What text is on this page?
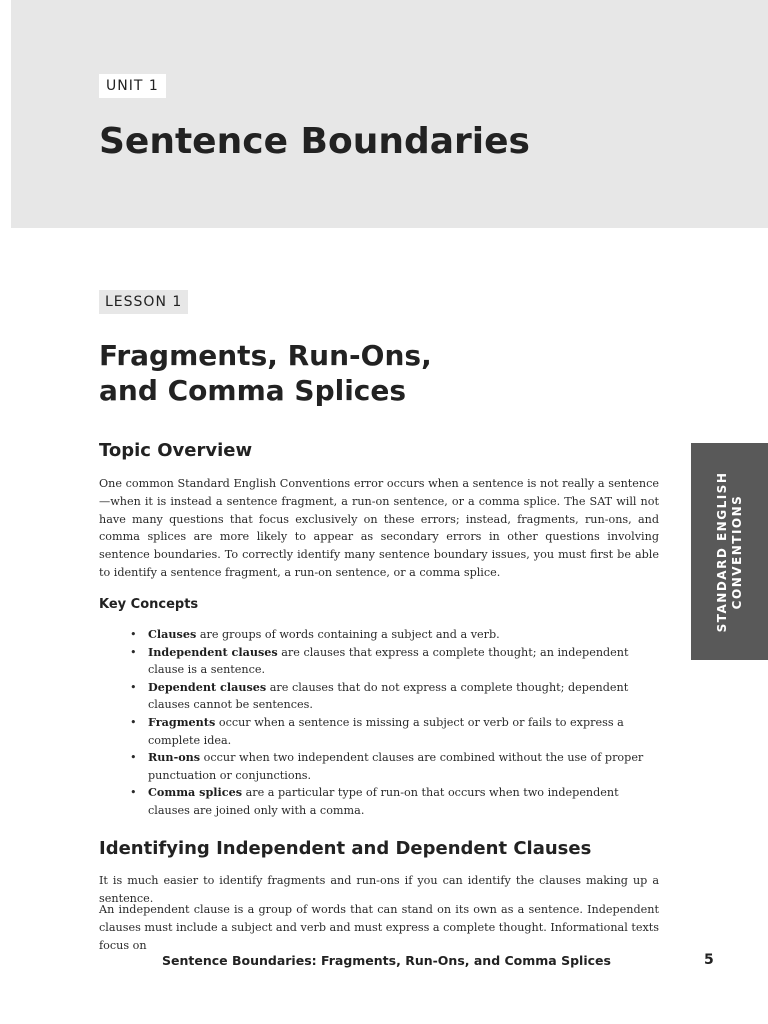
UNIT 1
Sentence Boundaries
LESSON 1
Fragments, Run-Ons,
and Comma Splices
Topic Overview

One common Standard English Conventions error occurs when a sentence is not really a sentence—when it is instead a sentence fragment, a run-on sentence, or a comma splice. The SAT will not have many questions that focus exclusively on these errors; instead, fragments, run-ons, and comma splices are more likely to appear as secondary errors in other questions involving sentence boundaries. To correctly identify many sentence boundary issues, you must first be able to identify a sentence fragment, a run-on sentence, or a comma splice.

Key Concepts
• Clauses are groups of words containing a subject and a verb.
• Independent clauses are clauses that express a complete thought; an independent clause is a sentence.
• Dependent clauses are clauses that do not express a complete thought; dependent clauses cannot be sentences.
• Fragments occur when a sentence is missing a subject or verb or fails to express a complete idea.
• Run-ons occur when two independent clauses are combined without the use of proper punctuation or conjunctions.
• Comma splices are a particular type of run-on that occurs when two independent clauses are joined only with a comma.
Identifying Independent and Dependent Clauses

It is much easier to identify fragments and run-ons if you can identify the clauses making up a sentence.

An independent clause is a group of words that can stand on its own as a sentence. Independent clauses must include a subject and verb and must express a complete thought. Informational texts focus on

STANDARD ENGLISH
CONVENTIONS
Sentence Boundaries: Fragments, Run-Ons, and Comma Splices	5
